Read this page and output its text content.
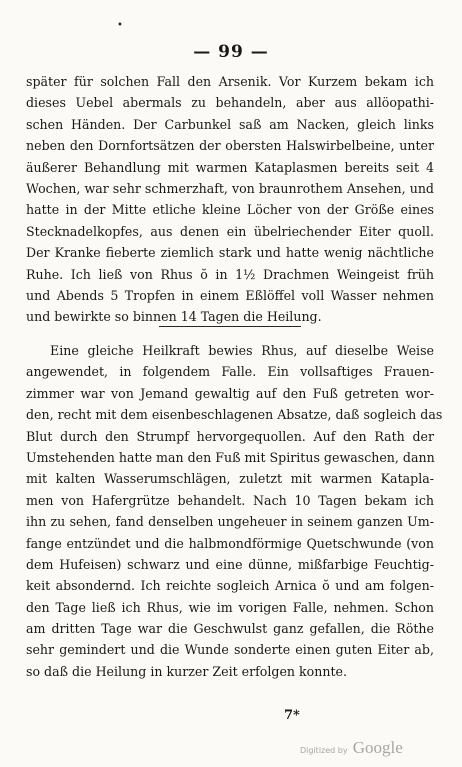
•
— 99 —
später für solchen Fall den Arsenik. Vor Kurzem bekam ich
dieses Uebel abermals zu behandeln, aber aus allöopathi-
schen Händen. Der Carbunkel saß am Nacken, gleich links
neben den Dornfortsätzen der obersten Halswirbelbeine, unter
äußerer Behandlung mit warmen Kataplasmen bereits seit 4
Wochen, war sehr schmerzhaft, von braunrothem Ansehen, und
hatte in der Mitte etliche kleine Löcher von der Größe eines
Stecknadelkopfes, aus denen ein übelriechender Eiter quoll.
Der Kranke fieberte ziemlich stark und hatte wenig nächtliche
Ruhe. Ich ließ von Rhus ŏ in 1½ Drachmen Weingeist früh
und Abends 5 Tropfen in einem Eßlöffel voll Wasser nehmen
und bewirkte so binnen 14 Tagen die Heilung.
Eine gleiche Heilkraft bewies Rhus, auf dieselbe Weise
angewendet, in folgendem Falle. Ein vollsaftiges Frauen-
zimmer war von Jemand gewaltig auf den Fuß getreten wor-
den, recht mit dem eisenbeschlagenen Absatze, daß sogleich das
Blut durch den Strumpf hervorgequollen. Auf den Rath der
Umstehenden hatte man den Fuß mit Spiritus gewaschen, dann
mit kalten Wasserumschlägen, zuletzt mit warmen Katapla-
men von Hafergrütze behandelt. Nach 10 Tagen bekam ich
ihn zu sehen, fand denselben ungeheuer in seinem ganzen Um-
fange entzündet und die halbmondförmige Quetschwunde (von
dem Hufeisen) schwarz und eine dünne, mißfarbige Feuchtig-
keit absondernd. Ich reichte sogleich Arnica ŏ und am folgen-
den Tage ließ ich Rhus, wie im vorigen Falle, nehmen. Schon
am dritten Tage war die Geschwulst ganz gefallen, die Röthe
sehr gemindert und die Wunde sonderte einen guten Eiter ab,
so daß die Heilung in kurzer Zeit erfolgen konnte.
7*
Digitized by Google
